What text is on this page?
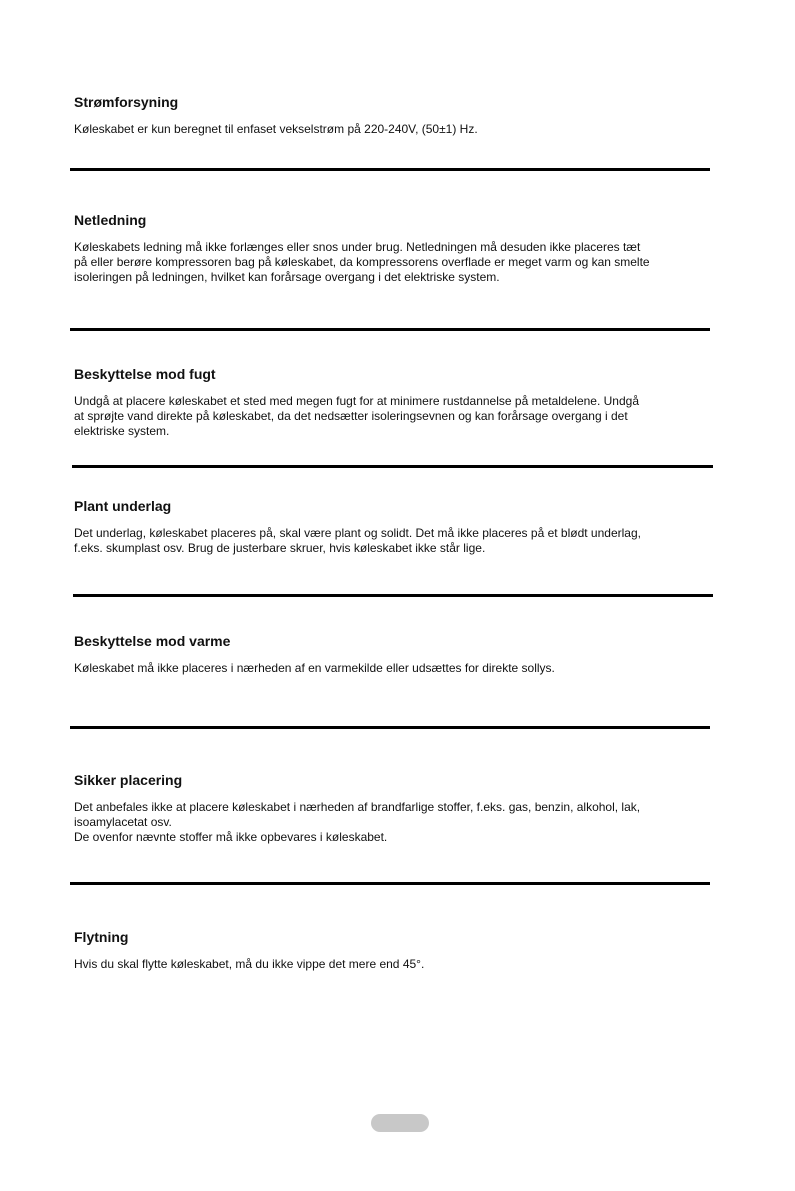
Strømforsyning

Køleskabet er kun beregnet til enfaset vekselstrøm på 220-240V, (50±1) Hz.

Netledning

Køleskabets ledning må ikke forlænges eller snos under brug. Netledningen må desuden ikke placeres tæt
på eller berøre kompressoren bag på køleskabet, da kompressorens overflade er meget varm og kan smelte
isoleringen på ledningen, hvilket kan forårsage overgang i det elektriske system.

Beskyttelse mod fugt

Undgå at placere køleskabet et sted med megen fugt for at minimere rustdannelse på metaldelene. Undgå
at sprøjte vand direkte på køleskabet, da det nedsætter isoleringsevnen og kan forårsage overgang i det
elektriske system.

Plant underlag

Det underlag, køleskabet placeres på, skal være plant og solidt. Det må ikke placeres på et blødt underlag,
f.eks. skumplast osv. Brug de justerbare skruer, hvis køleskabet ikke står lige.

Beskyttelse mod varme

Køleskabet må ikke placeres i nærheden af en varmekilde eller udsættes for direkte sollys.

Sikker placering

Det anbefales ikke at placere køleskabet i nærheden af brandfarlige stoffer, f.eks. gas, benzin, alkohol, lak,
isoamylacetat osv.
De ovenfor nævnte stoffer må ikke opbevares i køleskabet.

Flytning

Hvis du skal flytte køleskabet, må du ikke vippe det mere end 45°.
